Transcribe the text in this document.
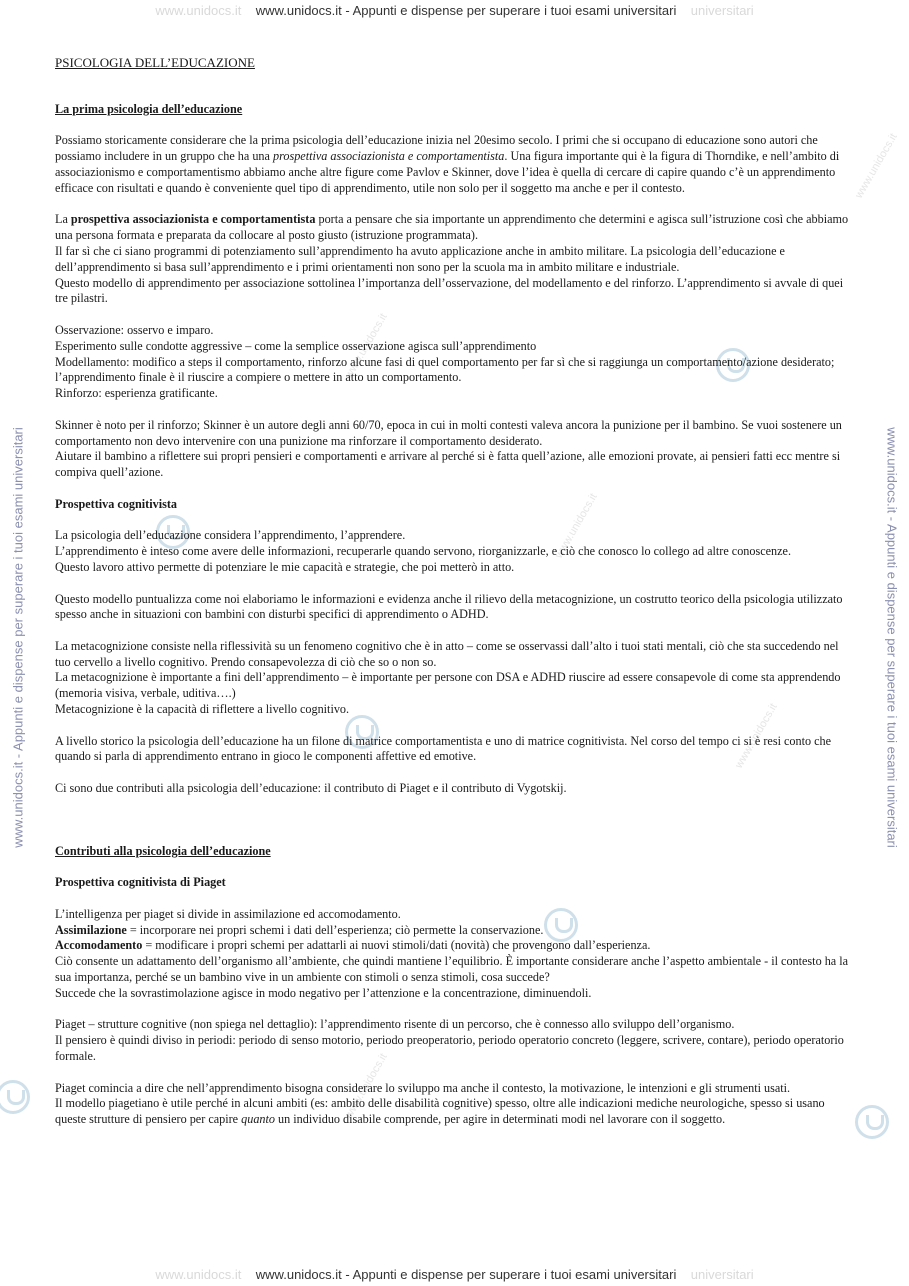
www.unidocs.it www.unidocs.it - Appunti e dispense per superare i tuoi esami universitari universitari
www.unidocs.it - Appunti e dispense per superare i tuoi esami universitari	www.unidocs.it - Appunti e dispense per superare i tuoi esami universitari
www.unidocs.it
www.unidocs.it
www.unidocs.it
www.unidocs.it
www.unidocs.it
PSICOLOGIA DELL’EDUCAZIONE
La prima psicologia dell’educazione

Possiamo storicamente considerare che la prima psicologia dell’educazione inizia nel 20esimo secolo. I primi che si occupano di educazione sono autori che possiamo includere in un gruppo che ha una prospettiva associazionista e comportamentista. Una figura importante qui è la figura di Thorndike, e nell’ambito di associazionismo e comportamentismo abbiamo anche altre figure come Pavlov e Skinner, dove l’idea è quella di cercare di capire quando c’è un apprendimento efficace con risultati e quando è conveniente quel tipo di apprendimento, utile non solo per il soggetto ma anche e per il contesto.

La prospettiva associazionista e comportamentista porta a pensare che sia importante un apprendimento che determini e agisca sull’istruzione così che abbiamo una persona formata e preparata da collocare al posto giusto (istruzione programmata).
Il far sì che ci siano programmi di potenziamento sull’apprendimento ha avuto applicazione anche in ambito militare. La psicologia dell’educazione e dell’apprendimento si basa sull’apprendimento e i primi orientamenti non sono per la scuola ma in ambito militare e industriale.
Questo modello di apprendimento per associazione sottolinea l’importanza dell’osservazione, del modellamento e del rinforzo. L’apprendimento si avvale di quei tre pilastri.

Osservazione: osservo e imparo.
Esperimento sulle condotte aggressive – come la semplice osservazione agisca sull’apprendimento
Modellamento: modifico a steps il comportamento, rinforzo alcune fasi di quel comportamento per far sì che si raggiunga un comportamento/azione desiderato; l’apprendimento finale è il riuscire a compiere o mettere in atto un comportamento.
Rinforzo: esperienza gratificante.

Skinner è noto per il rinforzo; Skinner è un autore degli anni 60/70, epoca in cui in molti contesti valeva ancora la punizione per il bambino. Se vuoi sostenere un comportamento non devo intervenire con una punizione ma rinforzare il comportamento desiderato.
Aiutare il bambino a riflettere sui propri pensieri e comportamenti e arrivare al perché si è fatta quell’azione, alle emozioni provate, ai pensieri fatti ecc mentre si compiva quell’azione.

Prospettiva cognitivista

La psicologia dell’educazione considera l’apprendimento, l’apprendere.
L’apprendimento è inteso come avere delle informazioni, recuperarle quando servono, riorganizzarle, e ciò che conosco lo collego ad altre conoscenze.
Questo lavoro attivo permette di potenziare le mie capacità e strategie, che poi metterò in atto.

Questo modello puntualizza come noi elaboriamo le informazioni e evidenza anche il rilievo della metacognizione, un costrutto teorico della psicologia utilizzato spesso anche in situazioni con bambini con disturbi specifici di apprendimento o ADHD.

La metacognizione consiste nella riflessività su un fenomeno cognitivo che è in atto – come se osservassi dall’alto i tuoi stati mentali, ciò che sta succedendo nel tuo cervello a livello cognitivo. Prendo consapevolezza di ciò che so o non so.
La metacognizione è importante a fini dell’apprendimento – è importante per persone con DSA e ADHD riuscire ad essere consapevole di come sta apprendendo (memoria visiva, verbale, uditiva….)
Metacognizione è la capacità di riflettere a livello cognitivo.

A livello storico la psicologia dell’educazione ha un filone di matrice comportamentista e uno di matrice cognitivista. Nel corso del tempo ci si è resi conto che quando si parla di apprendimento entrano in gioco le componenti affettive ed emotive.

Ci sono due contributi alla psicologia dell’educazione: il contributo di Piaget e il contributo di Vygotskij.

Contributi alla psicologia dell’educazione
Prospettiva cognitivista di Piaget

L’intelligenza per piaget si divide in assimilazione ed accomodamento.
Assimilazione = incorporare nei propri schemi i dati dell’esperienza; ciò permette la conservazione.
Accomodamento = modificare i propri schemi per adattarli ai nuovi stimoli/dati (novità) che provengono dall’esperienza.
Ciò consente un adattamento dell’organismo all’ambiente, che quindi mantiene l’equilibrio. È importante considerare anche l’aspetto ambientale - il contesto ha la sua importanza, perché se un bambino vive in un ambiente con stimoli o senza stimoli, cosa succede?
Succede che la sovrastimolazione agisce in modo negativo per l’attenzione e la concentrazione, diminuendoli.

Piaget – strutture cognitive (non spiega nel dettaglio): l’apprendimento risente di un percorso, che è connesso allo sviluppo dell’organismo.
Il pensiero è quindi diviso in periodi: periodo di senso motorio, periodo preoperatorio, periodo operatorio concreto (leggere, scrivere, contare), periodo operatorio formale.

Piaget comincia a dire che nell’apprendimento bisogna considerare lo sviluppo ma anche il contesto, la motivazione, le intenzioni e gli strumenti usati.
Il modello piagetiano è utile perché in alcuni ambiti (es: ambito delle disabilità cognitive) spesso, oltre alle indicazioni mediche neurologiche, spesso si usano queste strutture di pensiero per capire quanto un individuo disabile comprende, per agire in determinati modi nel lavorare con il soggetto.

www.unidocs.it www.unidocs.it - Appunti e dispense per superare i tuoi esami universitari universitari
